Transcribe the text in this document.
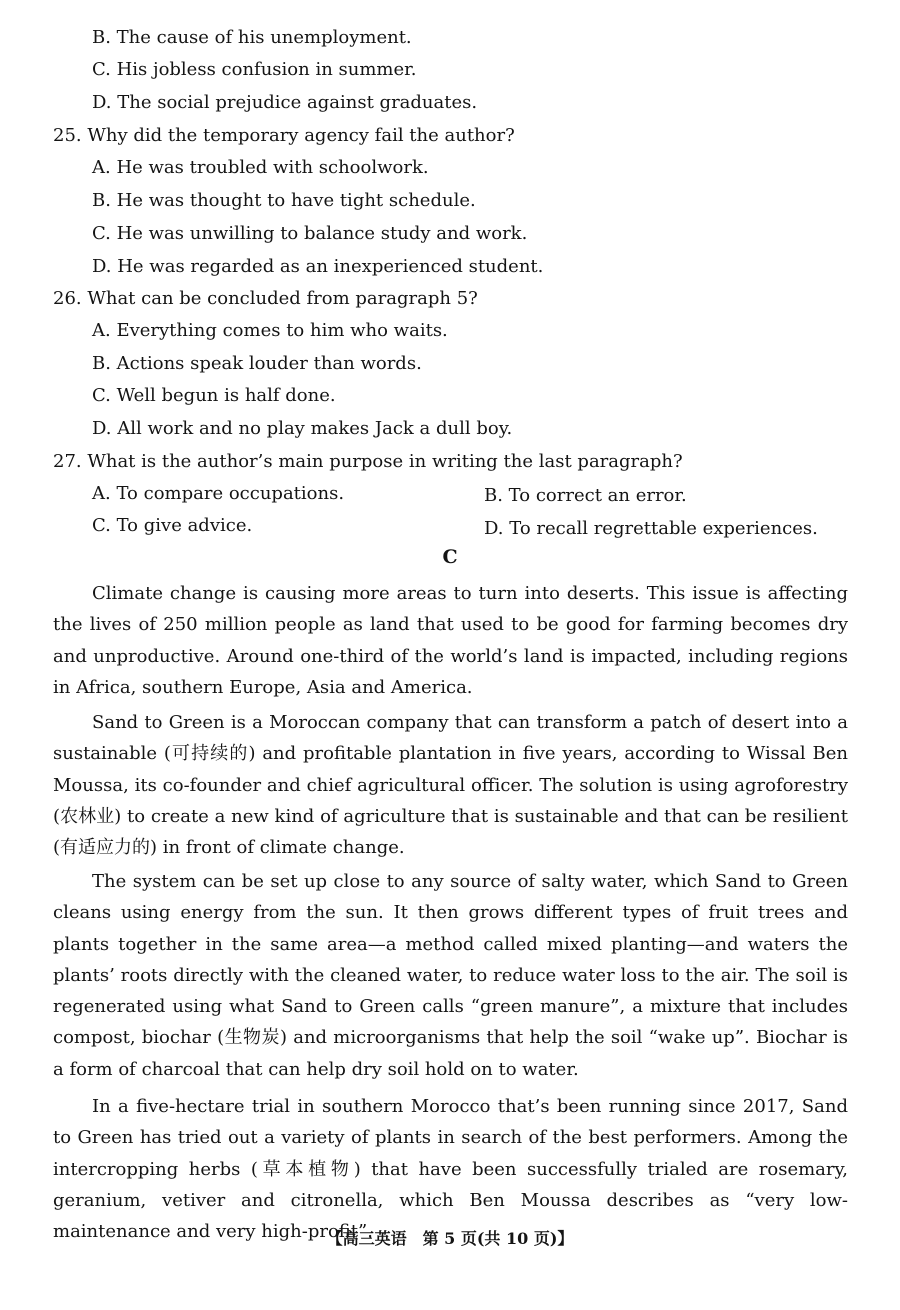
B. The cause of his unemployment.
C. His jobless confusion in summer.
D. The social prejudice against graduates.
25. Why did the temporary agency fail the author?
A. He was troubled with schoolwork.
B. He was thought to have tight schedule.
C. He was unwilling to balance study and work.
D. He was regarded as an inexperienced student.
26. What can be concluded from paragraph 5?
A. Everything comes to him who waits.
B. Actions speak louder than words.
C. Well begun is half done.
D. All work and no play makes Jack a dull boy.
27. What is the author’s main purpose in writing the last paragraph?
A. To compare occupations.	B. To correct an error.
C. To give advice.	D. To recall regrettable experiences.
C

Climate change is causing more areas to turn into deserts. This issue is affecting the lives of 250 million people as land that used to be good for farming becomes dry and unproductive. Around one-third of the world’s land is impacted, including regions in Africa, southern Europe, Asia and America.

Sand to Green is a Moroccan company that can transform a patch of desert into a sustainable (可持续的) and profitable plantation in five years, according to Wissal Ben Moussa, its co-founder and chief agricultural officer. The solution is using agroforestry (农林业) to create a new kind of agriculture that is sustainable and that can be resilient (有适应力的) in front of climate change.

The system can be set up close to any source of salty water, which Sand to Green cleans using energy from the sun. It then grows different types of fruit trees and plants together in the same area—a method called mixed planting—and waters the plants’ roots directly with the cleaned water, to reduce water loss to the air. The soil is regenerated using what Sand to Green calls “green manure”, a mixture that includes compost, biochar (生物炭) and microorganisms that help the soil “wake up”. Biochar is a form of charcoal that can help dry soil hold on to water.

In a five-hectare trial in southern Morocco that’s been running since 2017, Sand to Green has tried out a variety of plants in search of the best performers. Among the intercropping herbs (草本植物) that have been successfully trialed are rosemary, geranium, vetiver and citronella, which Ben Moussa describes as “very low-maintenance and very high-profit”.

【高三英语　第 5 页(共 10 页)】
